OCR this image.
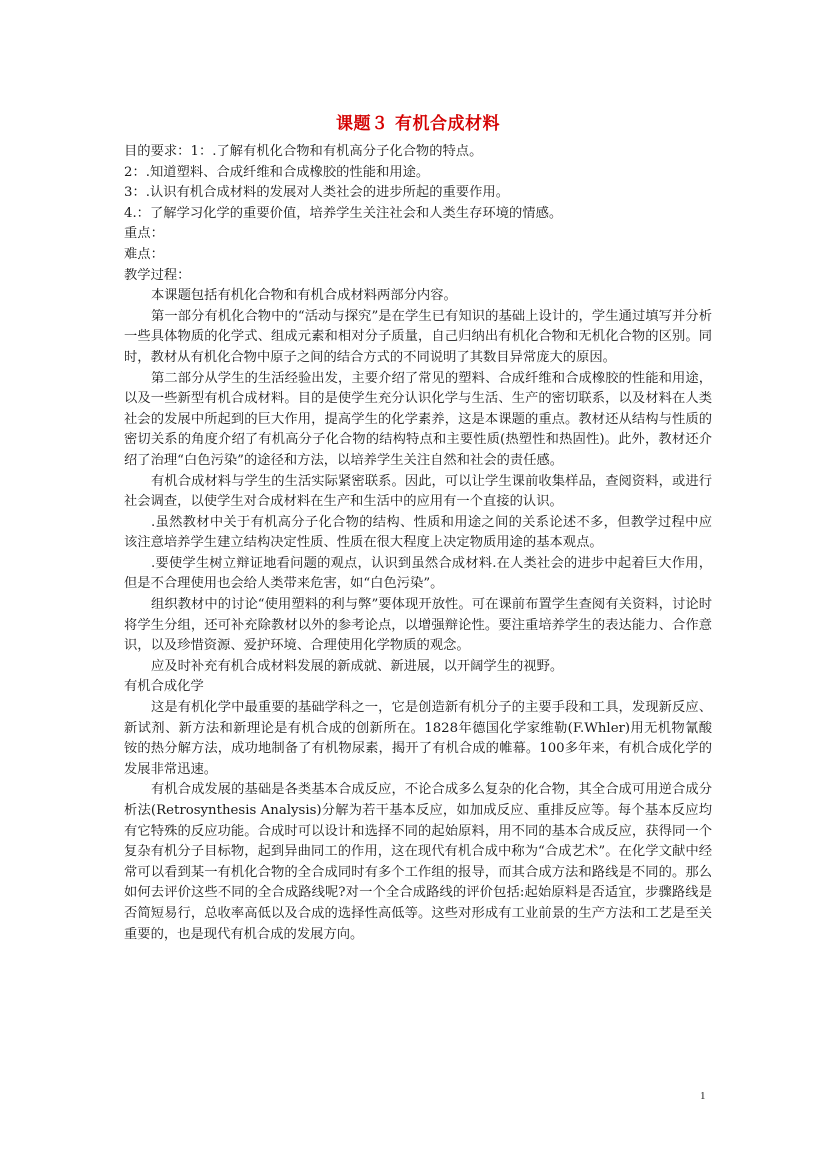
课题３ 有机合成材料

目的要求：1：.了解有机化合物和有机高分子化合物的特点。

2：.知道塑料、合成纤维和合成橡胶的性能和用途。

3：.认识有机合成材料的发展对人类社会的进步所起的重要作用。

4.：了解学习化学的重要价值，培养学生关注社会和人类生存环境的情感。

重点：

难点：

教学过程：

本课题包括有机化合物和有机合成材料两部分内容。

第一部分有机化合物中的“活动与探究”是在学生已有知识的基础上设计的，学生通过填写并分析一些具体物质的化学式、组成元素和相对分子质量，自己归纳出有机化合物和无机化合物的区别。同时，教材从有机化合物中原子之间的结合方式的不同说明了其数目异常庞大的原因。

第二部分从学生的生活经验出发，主要介绍了常见的塑料、合成纤维和合成橡胶的性能和用途，以及一些新型有机合成材料。目的是使学生充分认识化学与生活、生产的密切联系，以及材料在人类社会的发展中所起到的巨大作用，提高学生的化学素养，这是本课题的重点。教材还从结构与性质的密切关系的角度介绍了有机高分子化合物的结构特点和主要性质(热塑性和热固性)。此外，教材还介绍了治理“白色污染”的途径和方法，以培养学生关注自然和社会的责任感。

有机合成材料与学生的生活实际紧密联系。因此，可以让学生课前收集样品，查阅资料，或进行社会调查，以使学生对合成材料在生产和生活中的应用有一个直接的认识。

.虽然教材中关于有机高分子化合物的结构、性质和用途之间的关系论述不多，但教学过程中应该注意培养学生建立结构决定性质、性质在很大程度上决定物质用途的基本观点。

.要使学生树立辩证地看问题的观点，认识到虽然合成材料.在人类社会的进步中起着巨大作用，但是不合理使用也会给人类带来危害，如“白色污染”。

组织教材中的讨论“使用塑料的利与弊”要体现开放性。可在课前布置学生查阅有关资料，讨论时将学生分组，还可补充除教材以外的参考论点，以增强辩论性。要注重培养学生的表达能力、合作意识，以及珍惜资源、爱护环境、合理使用化学物质的观念。

应及时补充有机合成材料发展的新成就、新进展，以开阔学生的视野。

有机合成化学

这是有机化学中最重要的基础学科之一，它是创造新有机分子的主要手段和工具，发现新反应、新试剂、新方法和新理论是有机合成的创新所在。1828年德国化学家维勒(F.Whler)用无机物氰酸铵的热分解方法，成功地制备了有机物尿素，揭开了有机合成的帷幕。100多年来，有机合成化学的发展非常迅速。

有机合成发展的基础是各类基本合成反应，不论合成多么复杂的化合物，其全合成可用逆合成分析法(Retrosynthesis Analysis)分解为若干基本反应，如加成反应、重排反应等。每个基本反应均有它特殊的反应功能。合成时可以设计和选择不同的起始原料，用不同的基本合成反应，获得同一个复杂有机分子目标物，起到异曲同工的作用，这在现代有机合成中称为“合成艺术”。在化学文献中经常可以看到某一有机化合物的全合成同时有多个工作组的报导，而其合成方法和路线是不同的。那么如何去评价这些不同的全合成路线呢?对一个全合成路线的评价包括:起始原料是否适宜，步骤路线是否简短易行，总收率高低以及合成的选择性高低等。这些对形成有工业前景的生产方法和工艺是至关重要的，也是现代有机合成的发展方向。

1
